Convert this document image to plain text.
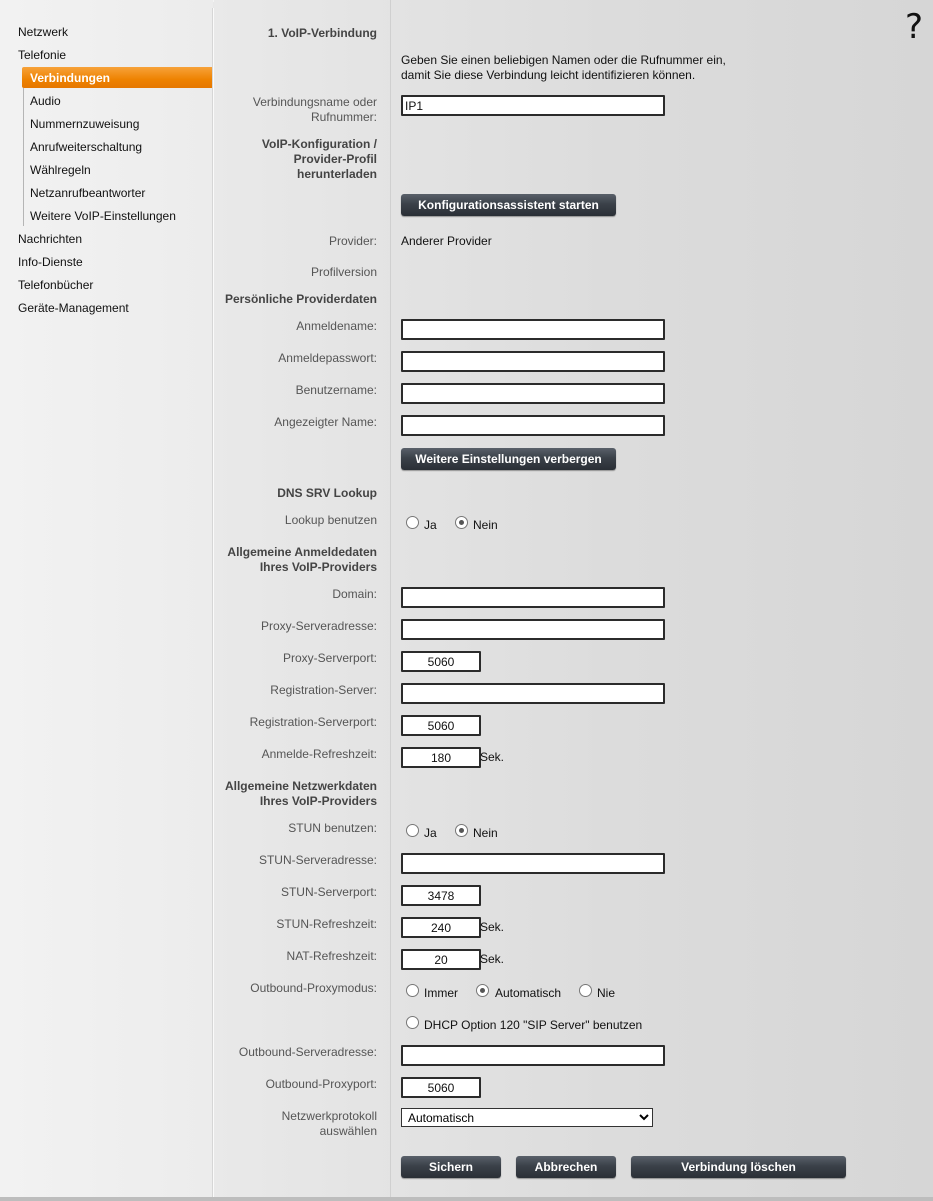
Netzwerk
Telefonie
Verbindungen
Audio
Nummernzuweisung
Anrufweiterschaltung
Wählregeln
Netzanrufbeantworter
Weitere VoIP-Einstellungen
Nachrichten
Info-Dienste
Telefonbücher
Geräte-Management
?
1. VoIP-Verbindung
Geben Sie einen beliebigen Namen oder die Rufnummer ein,
damit Sie diese Verbindung leicht identifizieren können.
Verbindungsname oder
Rufnummer:
IP1
VoIP-Konfiguration /
Provider-Profil
herunterladen
Konfigurationsassistent starten
Provider: Anderer Provider
Profilversion
Persönliche Providerdaten
Anmeldename:
Anmeldepasswort:
Benutzername:
Angezeigter Name:
Weitere Einstellungen verbergen
DNS SRV Lookup
Lookup benutzen	Ja	Nein
Allgemeine Anmeldedaten
Ihres VoIP-Providers
Domain:
Proxy-Serveradresse:
Proxy-Serverport:
5060
Registration-Server:
Registration-Serverport:
5060
Anmelde-Refreshzeit:
180	Sek.
Allgemeine Netzwerkdaten
Ihres VoIP-Providers
STUN benutzen:	Ja	Nein
STUN-Serveradresse:
STUN-Serverport:
3478
STUN-Refreshzeit:
240	Sek.
NAT-Refreshzeit:
20	Sek.
Outbound-Proxymodus:	Immer	Automatisch	Nie
DHCP Option 120 "SIP Server" benutzen
Outbound-Serveradresse:
Outbound-Proxyport:
5060
Netzwerkprotokoll
auswählen
Automatisch
Sichern	Abbrechen	Verbindung löschen
